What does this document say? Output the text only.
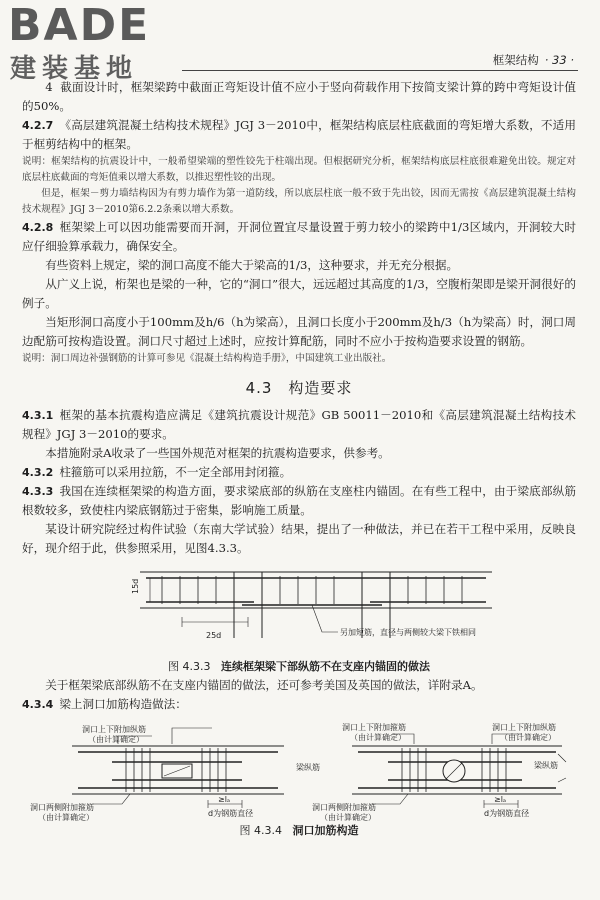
BADE
建装基地	框架结构 · 33 ·

4 截面设计时，框架梁跨中截面正弯矩设计值不应小于竖向荷载作用下按简支梁计算的跨中弯矩设计值的50%。

4.2.7 《高层建筑混凝土结构技术规程》JGJ 3－2010中，框架结构底层柱底截面的弯矩增大系数，不适用于框剪结构中的框架。

说明：框架结构的抗震设计中，一般希望梁端的塑性铰先于柱端出现。但根据研究分析，框架结构底层柱底很难避免出铰。规定对底层柱底截面的弯矩值乘以增大系数，以推迟塑性铰的出现。

但是，框架－剪力墙结构因为有剪力墙作为第一道防线，所以底层柱底一般不致于先出铰，因而无需按《高层建筑混凝土结构技术规程》JGJ 3－2010第6.2.2条乘以增大系数。

4.2.8 框架梁上可以因功能需要而开洞，开洞位置宜尽量设置于剪力较小的梁跨中1/3区域内，开洞较大时应仔细验算承载力，确保安全。

有些资料上规定，梁的洞口高度不能大于梁高的1/3，这种要求，并无充分根据。

从广义上说，桁架也是梁的一种，它的“洞口”很大，远远超过其高度的1/3，空腹桁架即是梁开洞很好的例子。

当矩形洞口高度小于100mm及h/6（h为梁高），且洞口长度小于200mm及h/3（h为梁高）时，洞口周边配筋可按构造设置。洞口尺寸超过上述时，应按计算配筋，同时不应小于按构造要求设置的钢筋。

说明：洞口周边补强钢筋的计算可参见《混凝土结构构造手册》，中国建筑工业出版社。

4.3　构造要求

4.3.1 框架的基本抗震构造应满足《建筑抗震设计规范》GB 50011－2010和《高层建筑混凝土结构技术规程》JGJ 3－2010的要求。

本措施附录A收录了一些国外规范对框架的抗震构造要求，供参考。

4.3.2 柱箍筋可以采用拉筋，不一定全部用封闭箍。

4.3.3 我国在连续框架梁的构造方面，要求梁底部的纵筋在支座柱内锚固。在有些工程中，由于梁底部纵筋根数较多，致使柱内梁底钢筋过于密集，影响施工质量。

某设计研究院经过构件试验（东南大学试验）结果，提出了一种做法，并已在若干工程中采用，反映良好，现介绍于此，供参照采用，见图4.3.3。

15d
25d	另加短筋，直径与两侧较大梁下铁相同

图 4.3.3 连续框架梁下部纵筋不在支座内锚固的做法

关于框架梁底部纵筋不在支座内锚固的做法，还可参考美国及英国的做法，详附录A。

4.3.4 梁上洞口加筋构造做法：

洞口上下附加纵筋
（由计算确定）
洞口两侧附加箍筋
（由计算确定）
≥lₐ
d为钢筋直径
洞口上下附加箍筋
（由计算确定）
洞口上下附加纵筋
（由计算确定）
梁纵筋
梁纵筋
洞口两侧附加箍筋
（由计算确定）
≥lₐ
d为钢筋直径

图 4.3.4 洞口加筋构造
